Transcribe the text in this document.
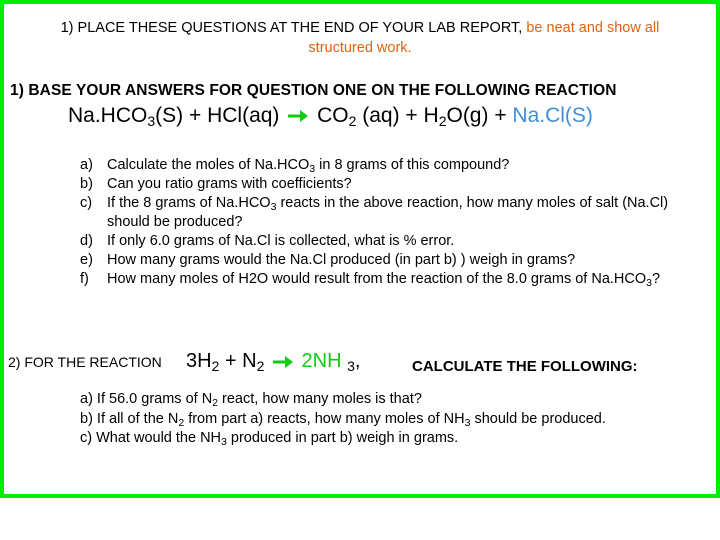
1) PLACE THESE QUESTIONS AT THE END OF YOUR LAB REPORT, be neat and show all
structured work.
1) BASE YOUR ANSWERS FOR QUESTION ONE ON THE FOLLOWING REACTION
$Na.HCO_3(S) + HCl(aq)$  $CO_2$ $(aq) + H_2O(g) + Na.Cl(S)$
a) Calculate the moles of $Na.HCO_3$ in 8 grams of this compound?
b) Can you ratio grams with coefficients?
c)	If the 8 grams of $Na.HCO_3$ reacts in the above reaction, how many moles of salt (Na.Cl) should be produced?
d) If only 6.0 grams of Na.Cl is collected, what is % error.
e) How many grams would the Na.Cl produced (in part b) ) weigh in grams?
f)	How many moles of H2O would result from the reaction of the 8.0 grams of $Na.HCO_3$?
2) FOR THE REACTION $3H_2 + N_2$ 2NH $_3$,	CALCULATE THE FOLLOWING:
a) If 56.0 grams of $N_2$ react, how many moles is that?
b) If all of the $N_2$ from part a) reacts, how many moles of $NH_3$ should be produced.
c) What would the $NH_3$ produced in part b) weigh in grams.
